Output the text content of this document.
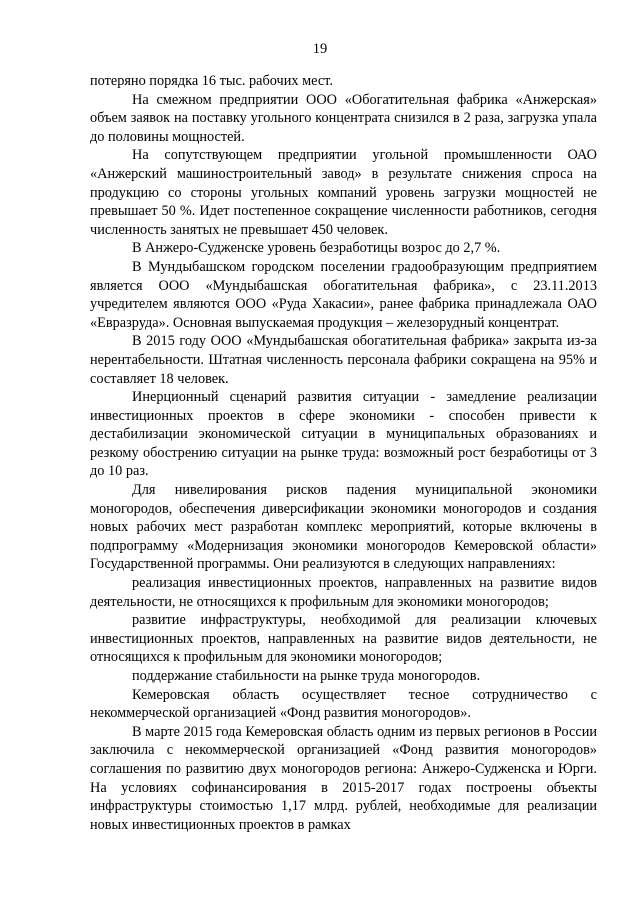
19

потеряно порядка 16 тыс. рабочих мест.

На смежном предприятии ООО «Обогатительная фабрика «Анжерская» объем заявок на поставку угольного концентрата снизился в 2 раза, загрузка упала до половины мощностей.

На сопутствующем предприятии угольной промышленности ОАО «Анжерский машиностроительный завод» в результате снижения спроса на продукцию со стороны угольных компаний уровень загрузки мощностей не превышает 50 %. Идет постепенное сокращение численности работников, сегодня численность занятых не превышает 450 человек.

В Анжеро-Судженске уровень безработицы возрос до 2,7 %.

В Мундыбашском городском поселении градообразующим предприятием является ООО «Мундыбашская обогатительная фабрика», с 23.11.2013 учредителем являются ООО «Руда Хакасии», ранее фабрика принадлежала ОАО «Евразруда». Основная выпускаемая продукция – железорудный концентрат.

В 2015 году ООО «Мундыбашская обогатительная фабрика» закрыта из-за нерентабельности. Штатная численность персонала фабрики сокращена на 95% и составляет 18 человек.

Инерционный сценарий развития ситуации - замедление реализации инвестиционных проектов в сфере экономики - способен привести к дестабилизации экономической ситуации в муниципальных образованиях и резкому обострению ситуации на рынке труда: возможный рост безработицы от 3 до 10 раз.

Для нивелирования рисков падения муниципальной экономики моногородов, обеспечения диверсификации экономики моногородов и создания новых рабочих мест разработан комплекс мероприятий, которые включены в подпрограмму «Модернизация экономики моногородов Кемеровской области» Государственной программы. Они реализуются в следующих направлениях:

реализация инвестиционных проектов, направленных на развитие видов деятельности, не относящихся к профильным для экономики моногородов;

развитие инфраструктуры, необходимой для реализации ключевых инвестиционных проектов, направленных на развитие видов деятельности, не относящихся к профильным для экономики моногородов;

поддержание стабильности на рынке труда моногородов.

Кемеровская область осуществляет тесное сотрудничество с некоммерческой организацией «Фонд развития моногородов».

В марте 2015 года Кемеровская область одним из первых регионов в России заключила с некоммерческой организацией «Фонд развития моногородов» соглашения по развитию двух моногородов региона: Анжеро-Судженска и Юрги. На условиях софинансирования в 2015-2017 годах построены объекты инфраструктуры стоимостью 1,17 млрд. рублей, необходимые для реализации новых инвестиционных проектов в рамках
